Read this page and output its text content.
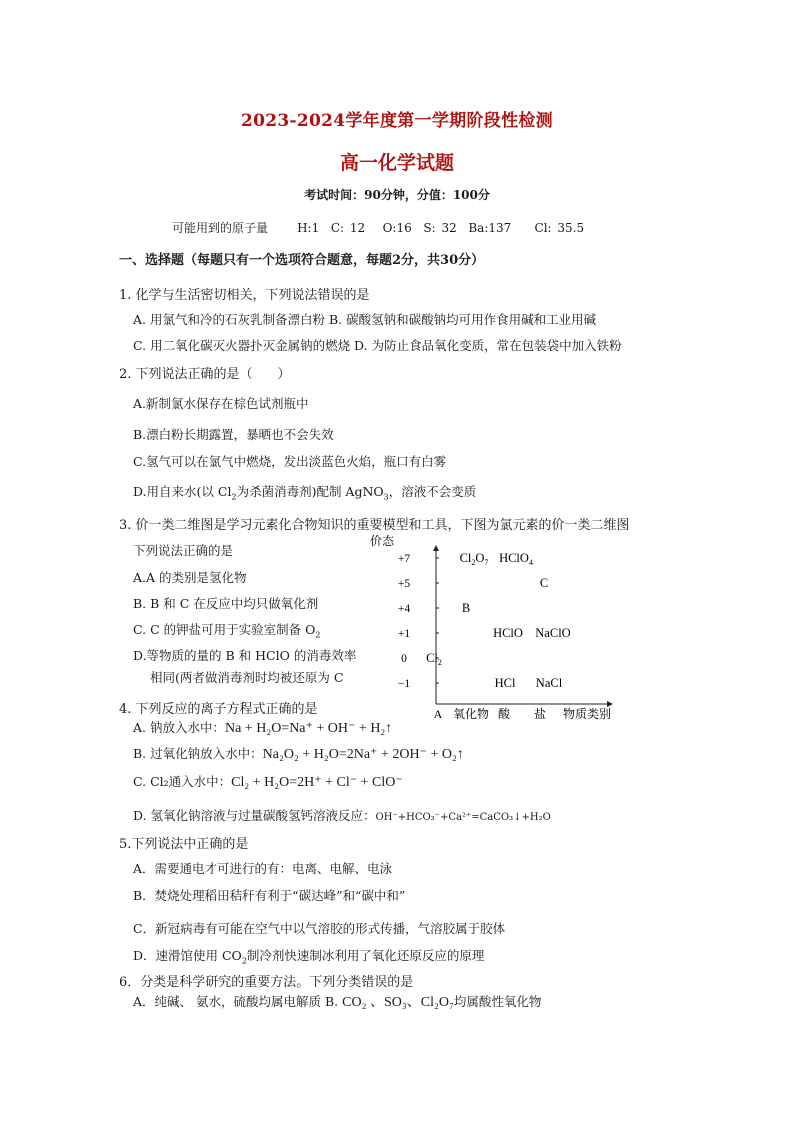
2023-2024学年度第一学期阶段性检测
高一化学试题
考试时间：90分钟，分值：100分
可能用到的原子量     H:1  C: 12   O:16  S: 32  Ba:137    Cl: 35.5
一、选择题（每题只有一个选项符合题意，每题2分，共30分）
1. 化学与生活密切相关，下列说法错误的是
A. 用氯气和冷的石灰乳制备漂白粉 B. 碳酸氢钠和碳酸钠均可用作食用碱和工业用碱
C. 用二氧化碳灭火器扑灭金属钠的燃烧 D. 为防止食品氧化变质，常在包装袋中加入铁粉
2. 下列说法正确的是（      ）
A.新制氯水保存在棕色试剂瓶中
B.漂白粉长期露置，暴晒也不会失效
C.氢气可以在氯气中燃烧，发出淡蓝色火焰，瓶口有白雾
D.用自来水(以 $Cl_2$为杀菌消毒剂)配制 AgNO$_3$，溶液不会变质
3. 价一类二维图是学习元素化合物知识的重要模型和工具，下图为氯元素的价一类二维图
下列说法正确的是
A.A 的类别是氢化物
B. B 和 C 在反应中均只做氧化剂
C. C 的钾盐可用于实验室制备 $O_2$
D.等物质的量的 B 和 HClO 的消毒效率
相同(两者做消毒剂时均被还原为 C
价态
+7
+5
+4
+1
0
−1
A 氧化物 酸 盐 物质类别
$Cl_2$
B
$Cl_2O_7$ HClO$_4$
C
HClO NaClO
HCl NaCl
4. 下列反应的离子方程式正确的是
A. 钠放入水中：Na + H₂O=Na⁺ + OH⁻ + H₂↑
B. 过氧化钠放入水中：Na₂O₂ + H₂O=2Na⁺ + 2OH⁻ + O₂↑
C. Cl₂通入水中：Cl₂ + H₂O=2H⁺ + Cl⁻ + ClO⁻
D. 氢氧化钠溶液与过量碳酸氢钙溶液反应：OH⁻+HCO₃⁻+Ca²⁺=CaCO₃↓+H₂O
5.下列说法中正确的是
A．需要通电才可进行的有：电离、电解、电泳
B．焚烧处理稻田秸秆有利于“碳达峰”和“碳中和”
C．新冠病毒有可能在空气中以气溶胶的形式传播，气溶胶属于胶体
D．速滑馆使用 $CO_2$制冷剂快速制冰利用了氧化还原反应的原理
6．分类是科学研究的重要方法。下列分类错误的是
A．纯碱、 氨水，硫酸均属电解质 B. CO₂ 、SO₃、Cl₂O₇均属酸性氧化物
